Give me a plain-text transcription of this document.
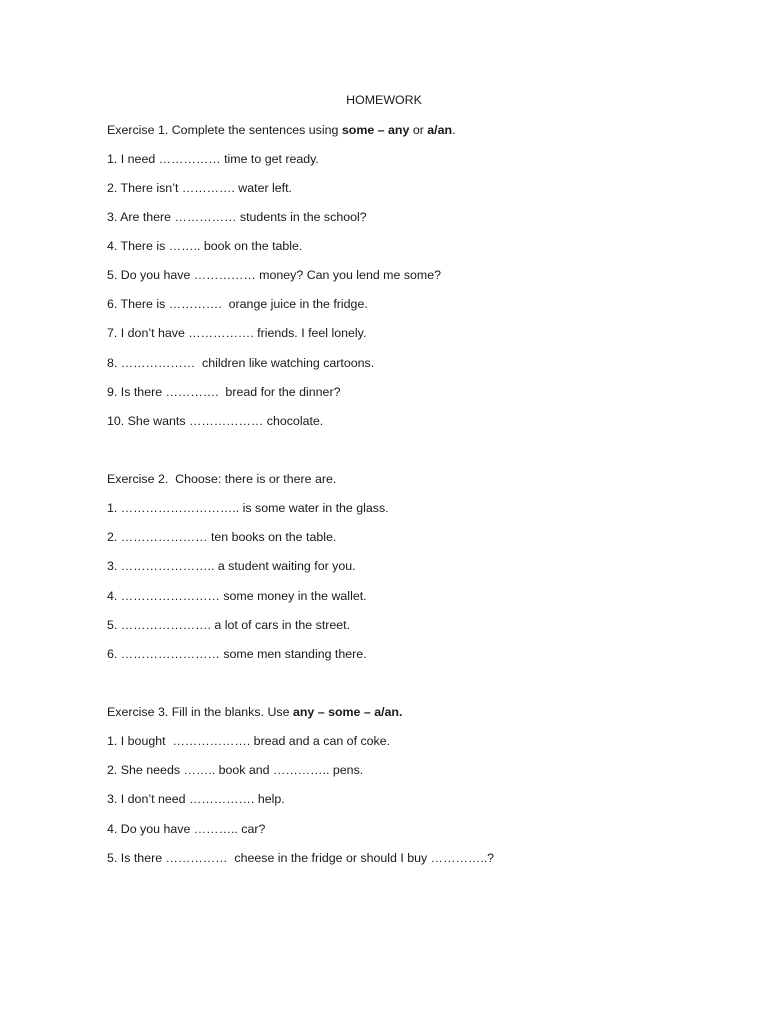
HOMEWORK
Exercise 1. Complete the sentences using some – any or a/an.
1. I need …………… time to get ready.
2. There isn’t …………. water left.
3. Are there …………… students in the school?
4. There is …….. book on the table.
5. Do you have …………… money? Can you lend me some?
6. There is ………….  orange juice in the fridge.
7. I don’t have ……………. friends. I feel lonely.
8. ………………  children like watching cartoons.
9. Is there ………….  bread for the dinner?
10. She wants ……………… chocolate.
Exercise 2.  Choose: there is or there are.
1. ……………………….. is some water in the glass.
2. ………………… ten books on the table.
3. ………………….. a student waiting for you.
4. …………………… some money in the wallet.
5. …………………. a lot of cars in the street.
6. …………………… some men standing there.
Exercise 3. Fill in the blanks. Use any – some – a/an.
1. I bought  ………………. bread and a can of coke.
2. She needs …….. book and ………….. pens.
3. I don’t need ……………. help.
4. Do you have ……….. car?
5. Is there ……………  cheese in the fridge or should I buy …………..?
